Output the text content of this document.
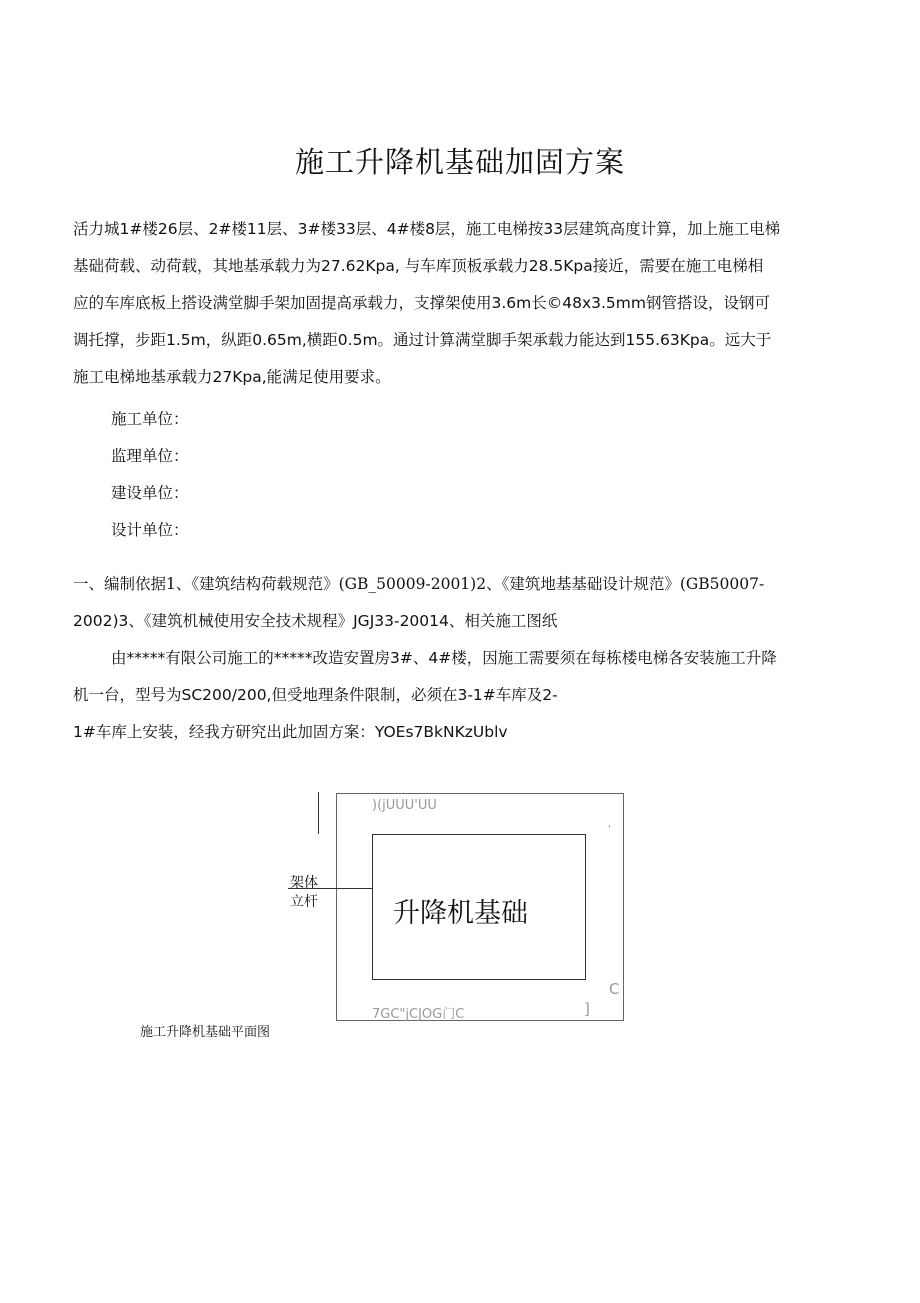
施工升降机基础加固方案
活力城1#楼26层、2#楼11层、3#楼33层、4#楼8层，施工电梯按33层建筑高度计算，加上施工电梯
基础荷载、动荷载，其地基承载力为27.62Kpa, 与车库顶板承载力28.5Kpa接近，需要在施工电梯相
应的车库底板上搭设满堂脚手架加固提高承载力，支撑架使用3.6m长©48x3.5mm钢管搭设，设钢可
调托撑，步距1.5m，纵距0.65m,横距0.5m。通过计算满堂脚手架承载力能达到155.63Kpa。远大于
施工电梯地基承载力27Kpa,能满足使用要求。
施工单位：
监理单位：
建设单位：
设计单位：
一、编制依据1、《建筑结构荷载规范》(GB_50009-2001)2、《建筑地基基础设计规范》(GB50007-
2002)3、《建筑机械使用安全技术规程》JGJ33-20014、相关施工图纸
由*****有限公司施工的*****改造安置房3#、4#楼，因施工需要须在每栋楼电梯各安装施工升降
机一台，型号为SC200/200,但受地理条件限制，必须在3-1#车库及2-
1#车库上安装，经我方研究出此加固方案：YOEs7BkNKzUblv
)(jUUU'UU
'
升降机基础
架体
立杆
C
7GC"jCJOG门C	]
施工升降机基础平面图
